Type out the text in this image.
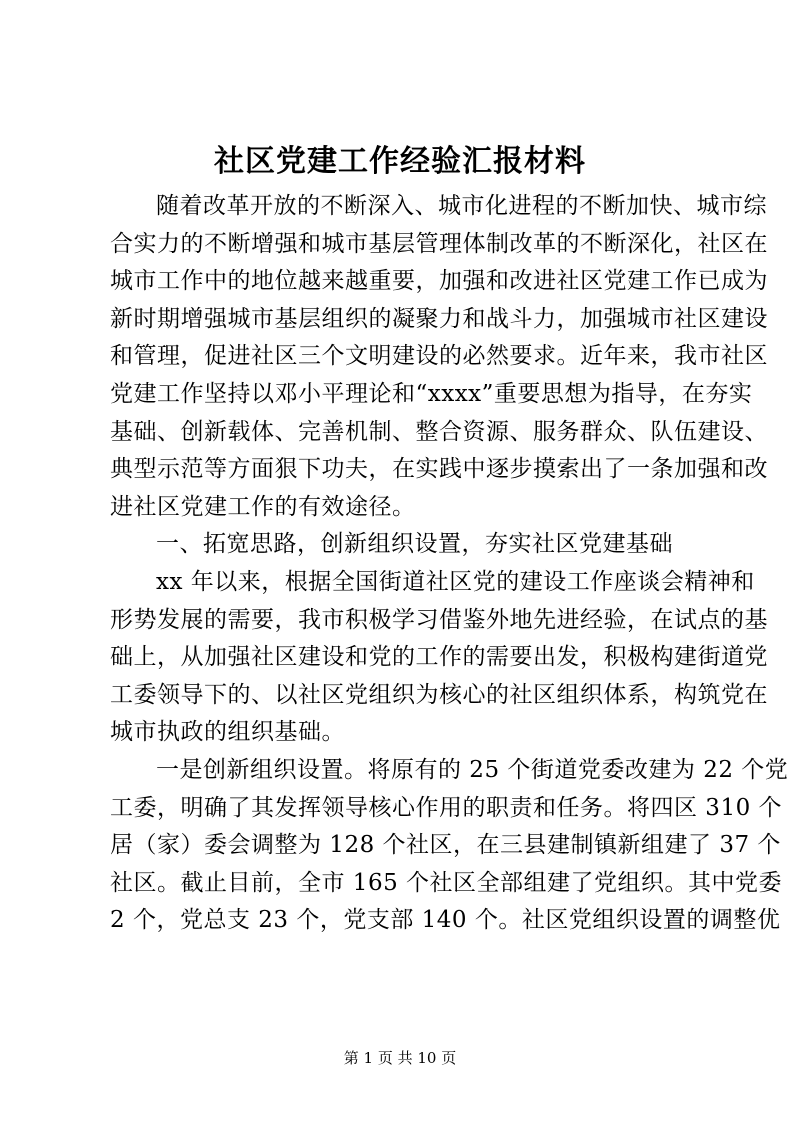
社区党建工作经验汇报材料
随着改革开放的不断深入、城市化进程的不断加快、城市综
合实力的不断增强和城市基层管理体制改革的不断深化，社区在
城市工作中的地位越来越重要，加强和改进社区党建工作已成为
新时期增强城市基层组织的凝聚力和战斗力，加强城市社区建设
和管理，促进社区三个文明建设的必然要求。近年来，我市社区
党建工作坚持以邓小平理论和“xxxx”重要思想为指导，在夯实
基础、创新载体、完善机制、整合资源、服务群众、队伍建设、
典型示范等方面狠下功夫，在实践中逐步摸索出了一条加强和改
进社区党建工作的有效途径。
一、拓宽思路，创新组织设置，夯实社区党建基础
xx 年以来，根据全国街道社区党的建设工作座谈会精神和
形势发展的需要，我市积极学习借鉴外地先进经验，在试点的基
础上，从加强社区建设和党的工作的需要出发，积极构建街道党
工委领导下的、以社区党组织为核心的社区组织体系，构筑党在
城市执政的组织基础。
一是创新组织设置。将原有的 25 个街道党委改建为 22 个党
工委，明确了其发挥领导核心作用的职责和任务。将四区 310 个
居（家）委会调整为 128 个社区，在三县建制镇新组建了 37 个
社区。截止目前，全市 165 个社区全部组建了党组织。其中党委
2 个，党总支 23 个，党支部 140 个。社区党组织设置的调整优
第 1 页 共 10 页
